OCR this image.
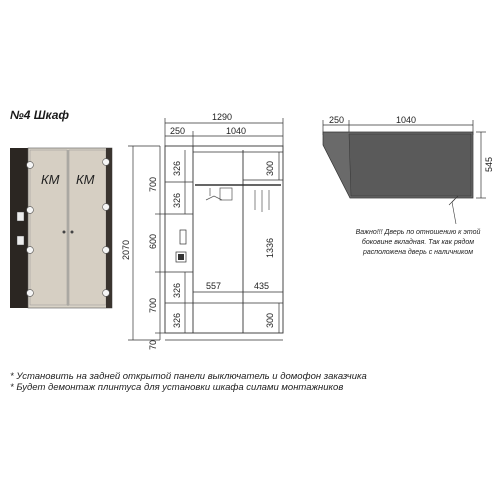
№4 Шкаф
КМ КМ
1290
250	1040
2070
700
600
700
70
326
326
326
326
300
1336
300
557	435
250	1040
545
Важно!!! Дверь по отношению к этой боковине вкладная. Так как рядом расположена дверь с наличником
* Установить на задней открытой панели выключатель и домофон заказчика
* Будет демонтаж плинтуса для установки шкафа силами монтажников
